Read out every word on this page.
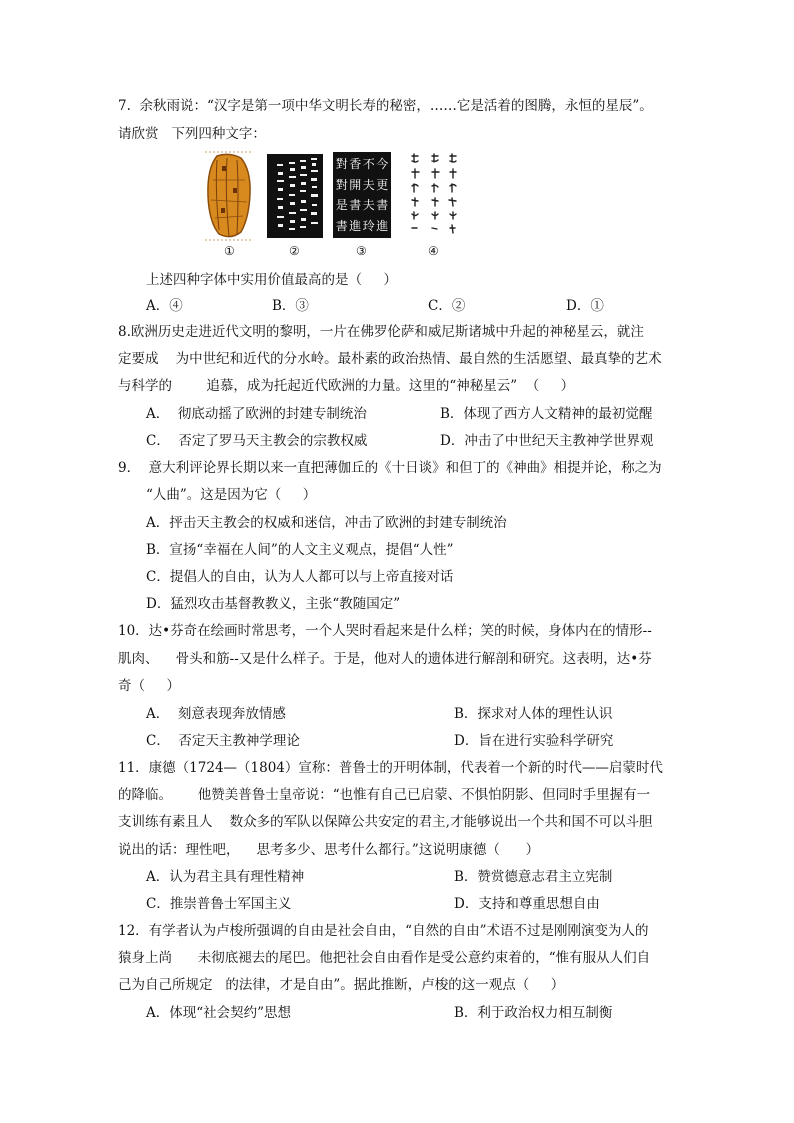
7.  余秋雨说：“汉字是第一项中华文明长寿的秘密，……它是活着的图腾，永恒的星辰”。
请欣赏   下列四种文字：
今
不
香
對
更
夫
開
對
書
夫
書
是
進
玲
進
書
①	②	③	④
上述四种字体中实用价值最高的是（     ）
A．④	B．③	C．②	D．①
8.欧洲历史走进近代文明的黎明，一片在佛罗伦萨和威尼斯诸城中升起的神秘星云，就注
定要成    为中世纪和近代的分水岭。最朴素的政治热情、最自然的生活愿望、最真挚的艺术
与科学的        追慕，成为托起近代欧洲的力量。这里的“神秘星云”  （     ）
A．  彻底动摇了欧洲的封建专制统治	B．体现了西方人文精神的最初觉醒
C．  否定了罗马天主教会的宗教权威	D．冲击了中世纪天主教神学世界观
9．  意大利评论界长期以来一直把薄伽丘的《十日谈》和但丁的《神曲》相提并论，称之为
“人曲”。这是因为它（     ）
A．抨击天主教会的权威和迷信，冲击了欧洲的封建专制统治
B．宣扬“幸福在人间”的人文主义观点，提倡“人性”
C．提倡人的自由，认为人人都可以与上帝直接对话
D．猛烈攻击基督教教义，主张“教随国定”
10．达•芬奇在绘画时常思考，一个人哭时看起来是什么样；笑的时候，身体内在的情形--
肌肉、    骨头和筋--又是什么样子。于是，他对人的遗体进行解剖和研究。这表明，达•芬
奇（     ）
A．  刻意表现奔放情感	B．探求对人体的理性认识
C．  否定天主教神学理论	D．旨在进行实验科学研究
11．康德（1724—（1804）宣称：普鲁士的开明体制，代表着一个新的时代——启蒙时代
的降临。      他赞美普鲁士皇帝说：“也惟有自己已启蒙、不惧怕阴影、但同时手里握有一
支训练有素且人    数众多的军队以保障公共安定的君主,才能够说出一个共和国不可以斗胆
说出的话：理性吧，    思考多少、思考什么都行。”这说明康德（      ）
A．认为君主具有理性精神	B．赞赏德意志君主立宪制
C．推崇普鲁士军国主义	D．支持和尊重思想自由
12．有学者认为卢梭所强调的自由是社会自由，“自然的自由”术语不过是刚刚演变为人的
猿身上尚      未彻底褪去的尾巴。他把社会自由看作是受公意约束着的，“惟有服从人们自
己为自己所规定   的法律，才是自由”。据此推断，卢梭的这一观点（     ）
A．体现“社会契约”思想	B．利于政治权力相互制衡
